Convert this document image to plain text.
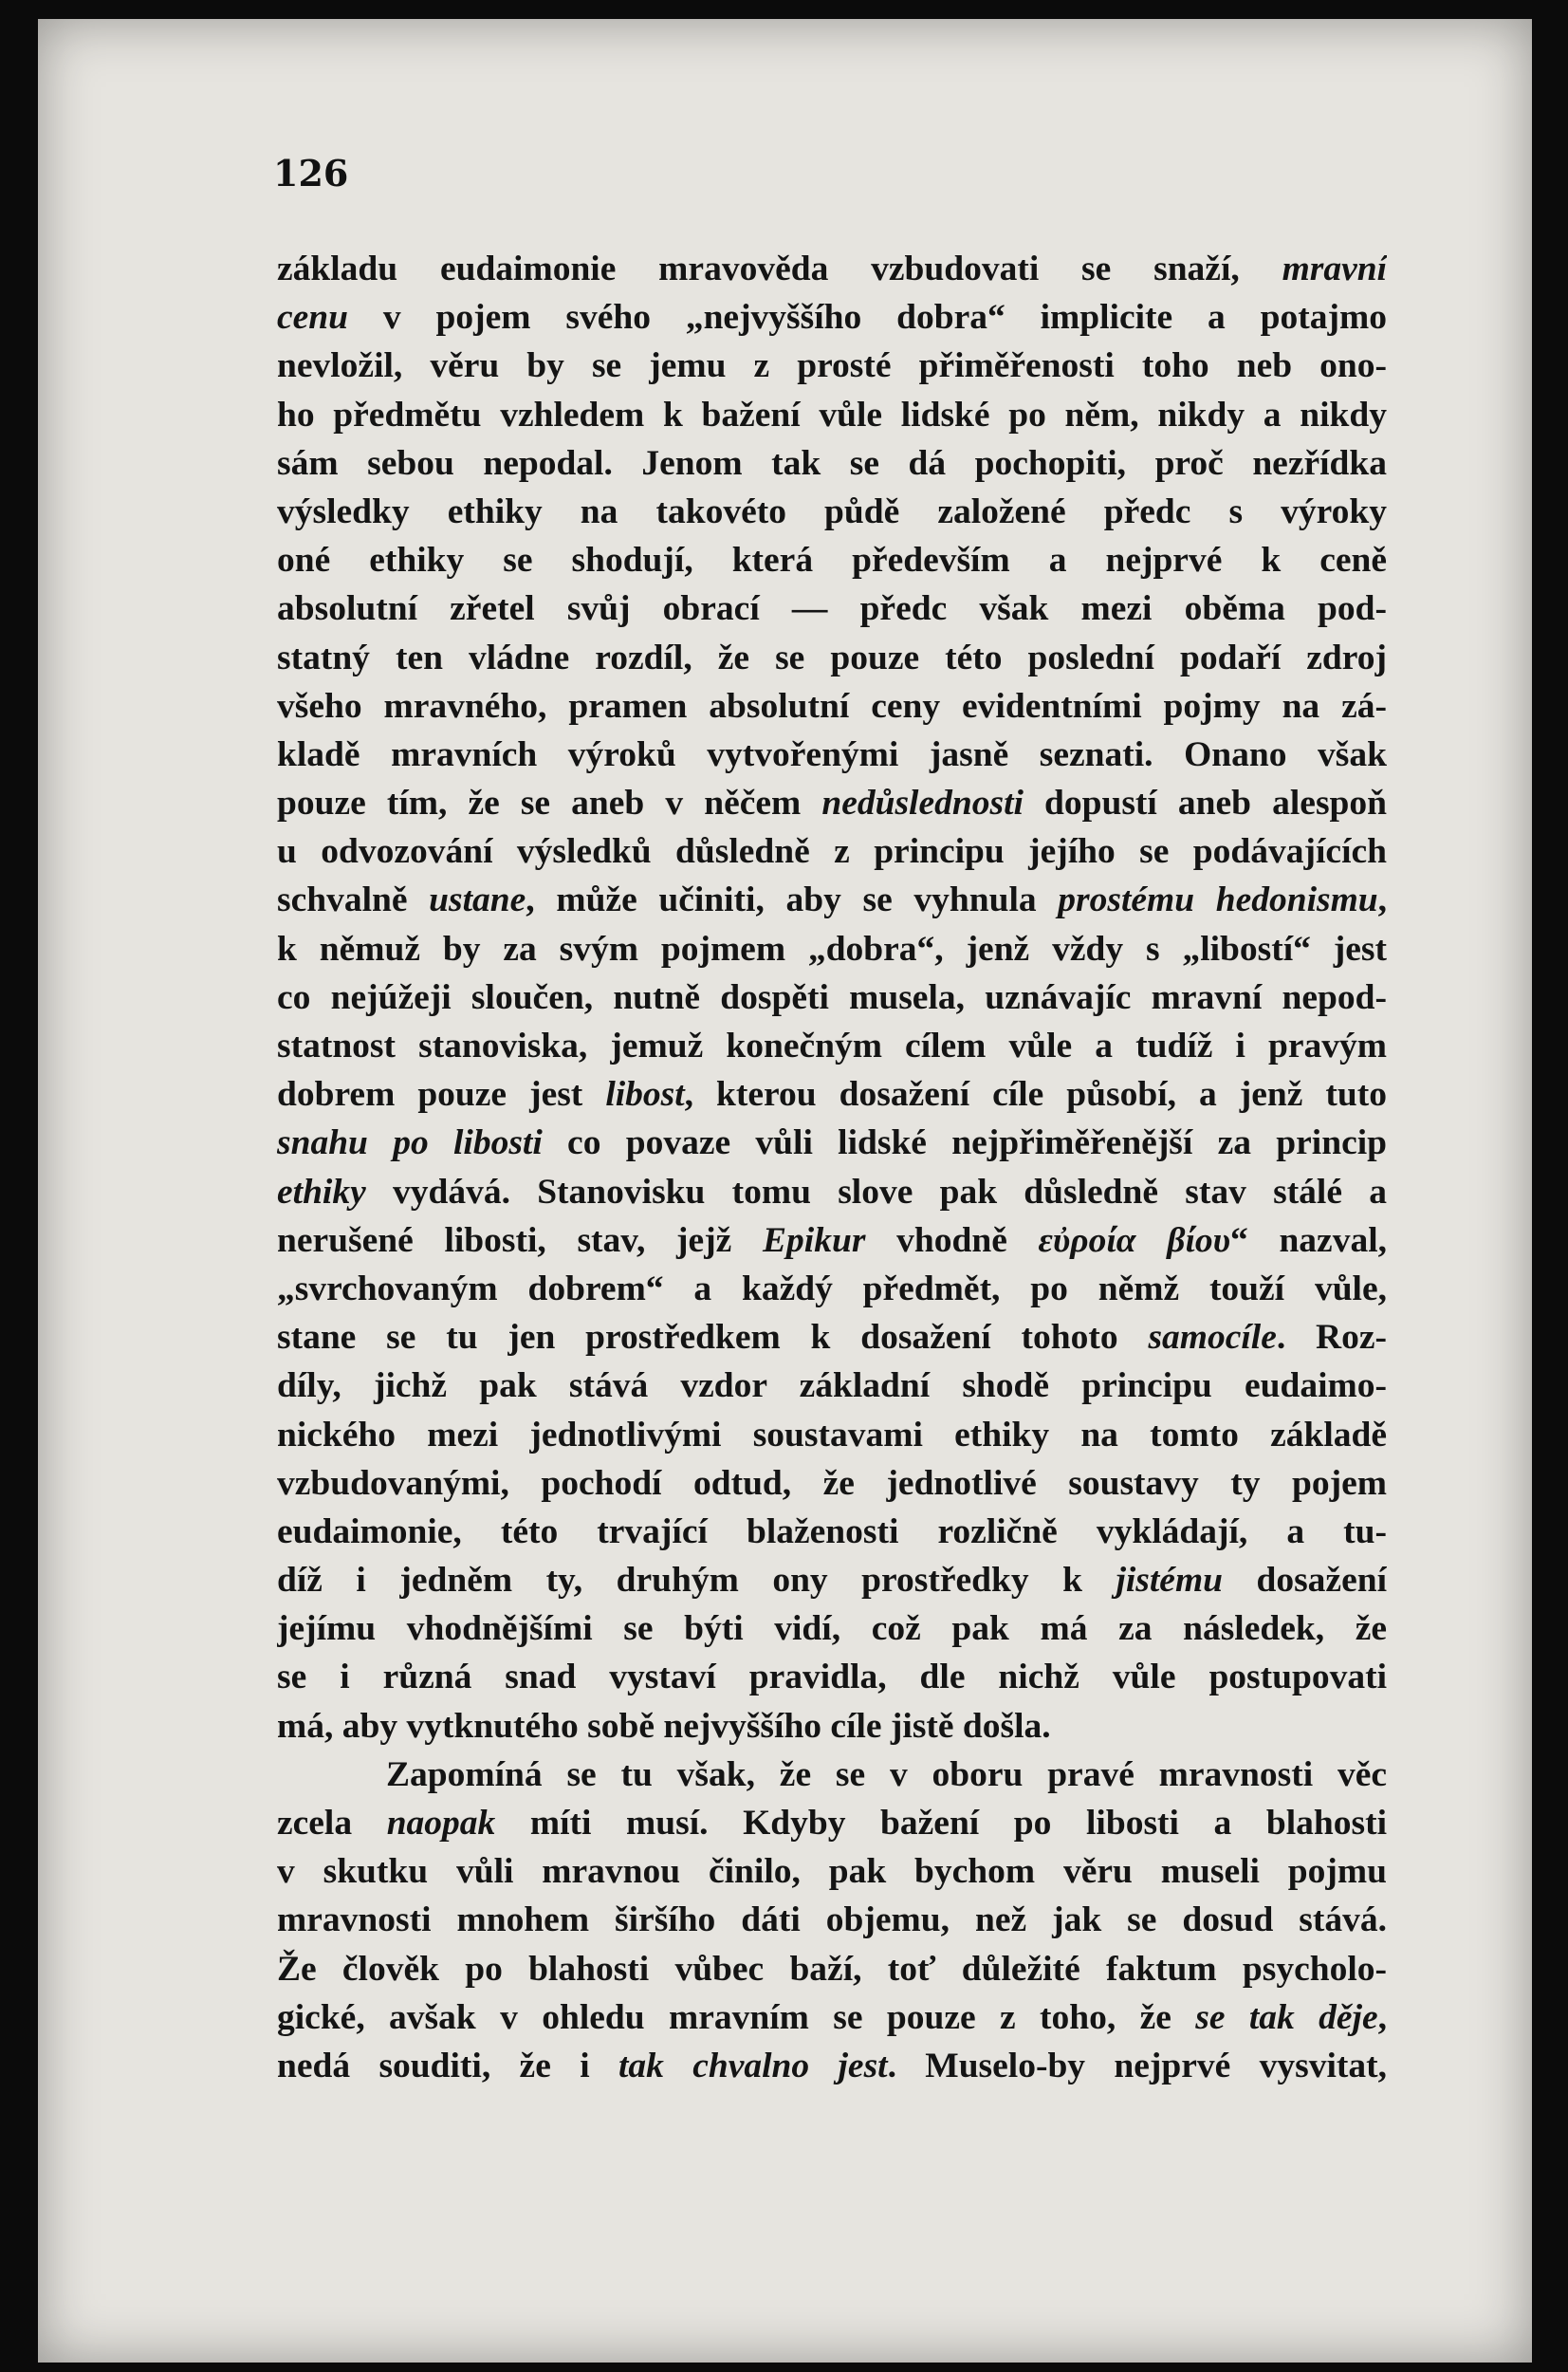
126
základu eudaimonie mravověda vzbudovati se snaží, mravní
cenu v pojem svého „nejvyššího dobra“ implicite a potajmo
nevložil, věru by se jemu z prosté přiměřenosti toho neb ono-
ho předmětu vzhledem k bažení vůle lidské po něm, nikdy a nikdy
sám sebou nepodal. Jenom tak se dá pochopiti, proč nezřídka
výsledky ethiky na takovéto půdě založené předc s výroky
oné ethiky se shodují, která především a nejprvé k ceně
absolutní zřetel svůj obrací — předc však mezi oběma pod-
statný ten vládne rozdíl, že se pouze této poslední podaří zdroj
všeho mravného, pramen absolutní ceny evidentními pojmy na zá-
kladě mravních výroků vytvořenými jasně seznati. Onano však
pouze tím, že se aneb v něčem nedůslednosti dopustí aneb alespoň
u odvozování výsledků důsledně z principu jejího se podávajících
schvalně ustane, může učiniti, aby se vyhnula prostému hedonismu,
k němuž by za svým pojmem „dobra“, jenž vždy s „libostí“ jest
co nejúžeji sloučen, nutně dospěti musela, uznávajíc mravní nepod-
statnost stanoviska, jemuž konečným cílem vůle a tudíž i pravým
dobrem pouze jest libost, kterou dosažení cíle působí, a jenž tuto
snahu po libosti co povaze vůli lidské nejpřiměřenější za princip
ethiky vydává. Stanovisku tomu slove pak důsledně stav stálé a
nerušené libosti, stav, jejž Epikur vhodně εὐροία βίου“ nazval,
„svrchovaným dobrem“ a každý předmět, po němž touží vůle,
stane se tu jen prostředkem k dosažení tohoto samocíle. Roz-
díly, jichž pak stává vzdor základní shodě principu eudaimo-
nického mezi jednotlivými soustavami ethiky na tomto základě
vzbudovanými, pochodí odtud, že jednotlivé soustavy ty pojem
eudaimonie, této trvající blaženosti rozličně vykládají, a tu-
díž i jedněm ty, druhým ony prostředky k jistému dosažení
jejímu vhodnějšími se býti vidí, což pak má za následek, že
se i různá snad vystaví pravidla, dle nichž vůle postupovati
má, aby vytknutého sobě nejvyššího cíle jistě došla.
Zapomíná se tu však, že se v oboru pravé mravnosti věc
zcela naopak míti musí. Kdyby bažení po libosti a blahosti
v skutku vůli mravnou činilo, pak bychom věru museli pojmu
mravnosti mnohem širšího dáti objemu, než jak se dosud stává.
Že člověk po blahosti vůbec baží, toť důležité faktum psycholo-
gické, avšak v ohledu mravním se pouze z toho, že se tak děje,
nedá souditi, že i tak chvalno jest. Muselo-by nejprvé vysvitat,
